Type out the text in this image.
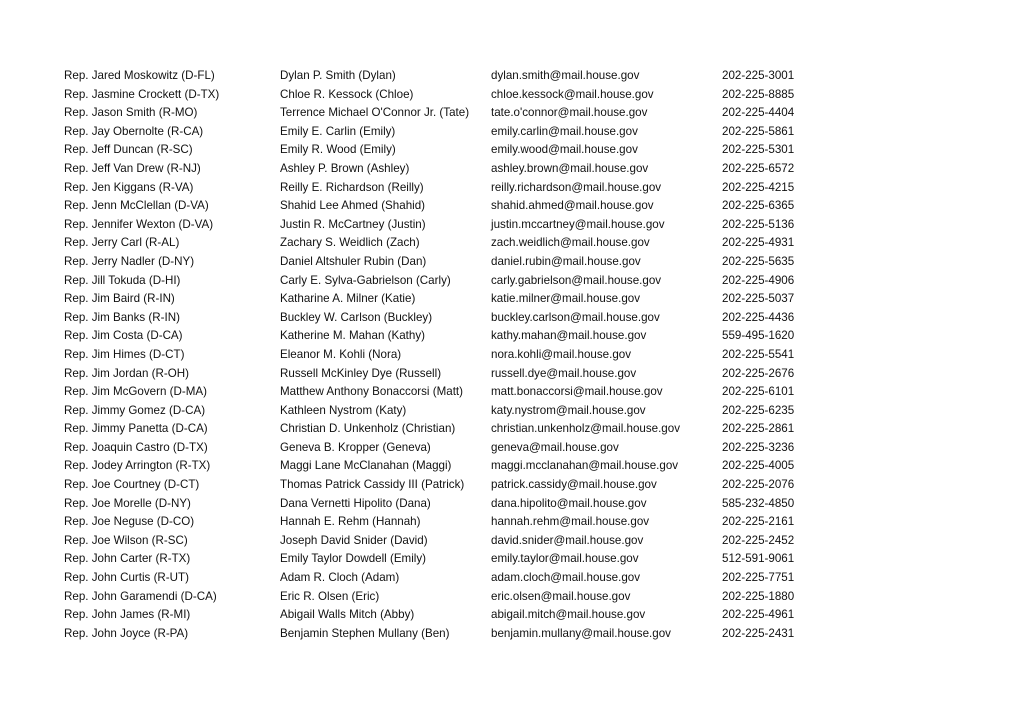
Rep. Jared Moskowitz (D-FL)	Dylan P. Smith (Dylan)	dylan.smith@mail.house.gov	202-225-3001
Rep. Jasmine Crockett (D-TX)	Chloe R. Kessock (Chloe)	chloe.kessock@mail.house.gov	202-225-8885
Rep. Jason Smith (R-MO)	Terrence Michael O'Connor Jr. (Tate) tate.o'connor@mail.house.gov	202-225-4404
Rep. Jay Obernolte (R-CA)	Emily E. Carlin (Emily)	emily.carlin@mail.house.gov	202-225-5861
Rep. Jeff Duncan (R-SC)	Emily R. Wood (Emily)	emily.wood@mail.house.gov	202-225-5301
Rep. Jeff Van Drew (R-NJ)	Ashley P. Brown (Ashley)	ashley.brown@mail.house.gov	202-225-6572
Rep. Jen Kiggans (R-VA)	Reilly E. Richardson (Reilly)	reilly.richardson@mail.house.gov	202-225-4215
Rep. Jenn McClellan (D-VA)	Shahid Lee Ahmed (Shahid)	shahid.ahmed@mail.house.gov	202-225-6365
Rep. Jennifer Wexton (D-VA)	Justin R. McCartney (Justin)	justin.mccartney@mail.house.gov	202-225-5136
Rep. Jerry Carl (R-AL)	Zachary S. Weidlich (Zach)	zach.weidlich@mail.house.gov	202-225-4931
Rep. Jerry Nadler (D-NY)	Daniel Altshuler Rubin (Dan)	daniel.rubin@mail.house.gov	202-225-5635
Rep. Jill Tokuda (D-HI)	Carly E. Sylva-Gabrielson (Carly)	carly.gabrielson@mail.house.gov	202-225-4906
Rep. Jim Baird (R-IN)	Katharine A. Milner (Katie)	katie.milner@mail.house.gov	202-225-5037
Rep. Jim Banks (R-IN)	Buckley W. Carlson (Buckley)	buckley.carlson@mail.house.gov	202-225-4436
Rep. Jim Costa (D-CA)	Katherine M. Mahan (Kathy)	kathy.mahan@mail.house.gov	559-495-1620
Rep. Jim Himes (D-CT)	Eleanor M. Kohli (Nora)	nora.kohli@mail.house.gov	202-225-5541
Rep. Jim Jordan (R-OH)	Russell McKinley Dye (Russell)	russell.dye@mail.house.gov	202-225-2676
Rep. Jim McGovern (D-MA)	Matthew Anthony Bonaccorsi (Matt) matt.bonaccorsi@mail.house.gov	202-225-6101
Rep. Jimmy Gomez (D-CA)	Kathleen Nystrom (Katy)	katy.nystrom@mail.house.gov	202-225-6235
Rep. Jimmy Panetta (D-CA)	Christian D. Unkenholz (Christian)	christian.unkenholz@mail.house.gov	202-225-2861
Rep. Joaquin Castro (D-TX)	Geneva B. Kropper (Geneva)	geneva@mail.house.gov	202-225-3236
Rep. Jodey Arrington (R-TX)	Maggi Lane McClanahan (Maggi)	maggi.mcclanahan@mail.house.gov	202-225-4005
Rep. Joe Courtney (D-CT)	Thomas Patrick Cassidy III (Patrick) patrick.cassidy@mail.house.gov	202-225-2076
Rep. Joe Morelle (D-NY)	Dana Vernetti Hipolito (Dana)	dana.hipolito@mail.house.gov	585-232-4850
Rep. Joe Neguse (D-CO)	Hannah E. Rehm (Hannah)	hannah.rehm@mail.house.gov	202-225-2161
Rep. Joe Wilson (R-SC)	Joseph David Snider (David)	david.snider@mail.house.gov	202-225-2452
Rep. John Carter (R-TX)	Emily Taylor Dowdell (Emily)	emily.taylor@mail.house.gov	512-591-9061
Rep. John Curtis (R-UT)	Adam R. Cloch (Adam)	adam.cloch@mail.house.gov	202-225-7751
Rep. John Garamendi (D-CA)	Eric R. Olsen (Eric)	eric.olsen@mail.house.gov	202-225-1880
Rep. John James (R-MI)	Abigail Walls Mitch (Abby)	abigail.mitch@mail.house.gov	202-225-4961
Rep. John Joyce (R-PA)	Benjamin Stephen Mullany (Ben)	benjamin.mullany@mail.house.gov	202-225-2431
